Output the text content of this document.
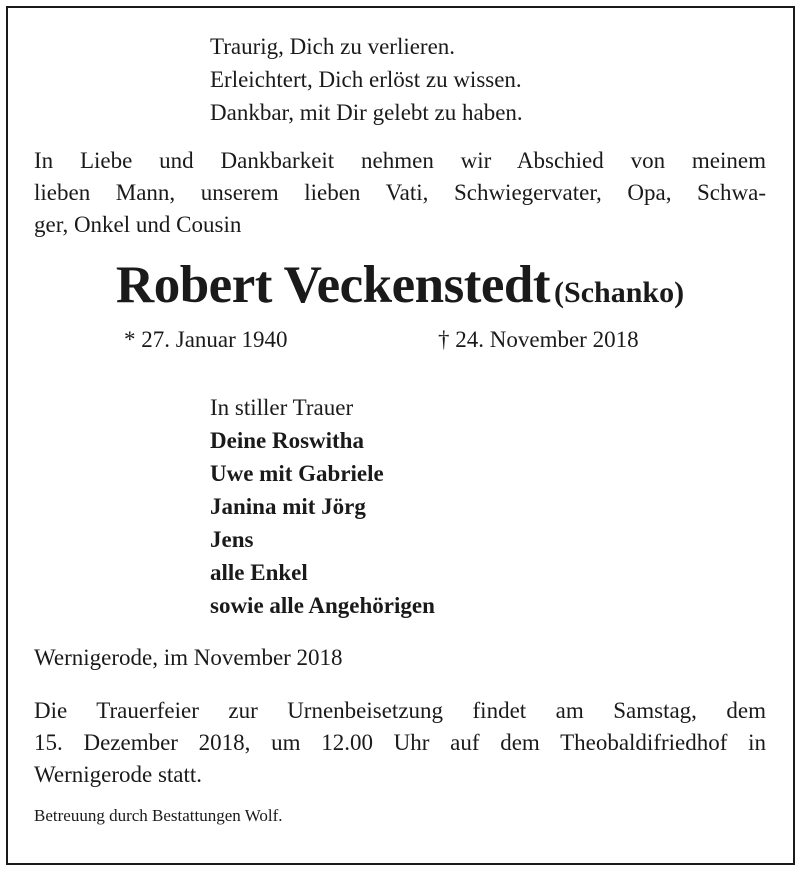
Traurig, Dich zu verlieren.
Erleichtert, Dich erlöst zu wissen.
Dankbar, mit Dir gelebt zu haben.
In Liebe und Dankbarkeit nehmen wir Abschied von meinem
lieben Mann, unserem lieben Vati, Schwiegervater, Opa, Schwa-
ger, Onkel und Cousin
Robert Veckenstedt (Schanko)
* 27. Januar 1940	† 24. November 2018
In stiller Trauer
Deine Roswitha
Uwe mit Gabriele
Janina mit Jörg
Jens
alle Enkel
sowie alle Angehörigen
Wernigerode, im November 2018
Die Trauerfeier zur Urnenbeisetzung findet am Samstag, dem
15. Dezember 2018, um 12.00 Uhr auf dem Theobaldifriedhof in
Wernigerode statt.
Betreuung durch Bestattungen Wolf.
